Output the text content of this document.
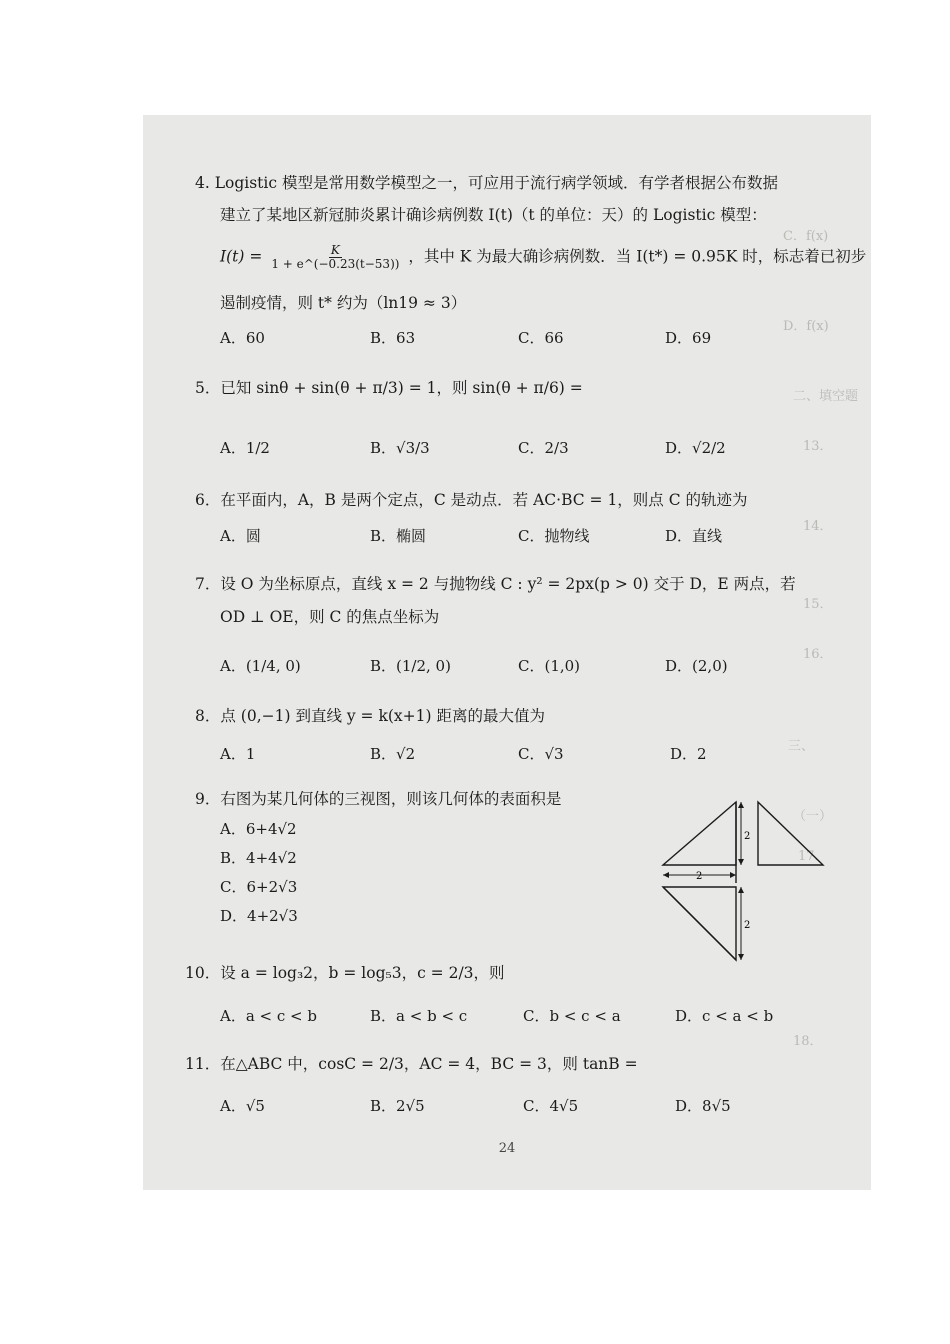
C．f(x)
D．f(x)
二、填空题
13．
14．
15．
16．
三、
（一）
17．
18．
4. Logistic 模型是常用数学模型之一，可应用于流行病学领域．有学者根据公布数据
建立了某地区新冠肺炎累计确诊病例数 I(t)（t 的单位：天）的 Logistic 模型：
$I(t) = \frac{K}{1 + e\^{}(-0.23(t-53))}$ ，其中 K 为最大确诊病例数．当 I(t*) = 0.95K 时，标志着已初步
遏制疫情，则 t* 约为（ln19 ≈ 3）
A．60	B．63	C．66	D．69
5．已知 sinθ + sin(θ + π/3) = 1，则 sin(θ + π/6) =
A．1/2	B．√3/3	C．2/3	D．√2/2
6．在平面内，A，B 是两个定点，C 是动点．若 AC·BC = 1，则点 C 的轨迹为
A．圆	B．椭圆	C．抛物线	D．直线
7．设 O 为坐标原点，直线 x = 2 与抛物线 C : y² = 2px(p > 0) 交于 D，E 两点，若
OD ⊥ OE，则 C 的焦点坐标为
A．(1/4, 0)	B．(1/2, 0)	C．(1,0)	D．(2,0)
8．点 (0,−1) 到直线 y = k(x+1) 距离的最大值为
A．1	B．√2	C．√3	D．2
9．右图为某几何体的三视图，则该几何体的表面积是
A．6+4√2
B．4+4√2
C．6+2√3
D．4+2√3
2
2
2
10．设 a = log₃2，b = log₅3，c = 2/3，则
A．a < c < b	B．a < b < c	C．b < c < a	D．c < a < b
11．在△ABC 中，cosC = 2/3，AC = 4，BC = 3，则 tanB =
A．√5	B．2√5	C．4√5	D．8√5
24
